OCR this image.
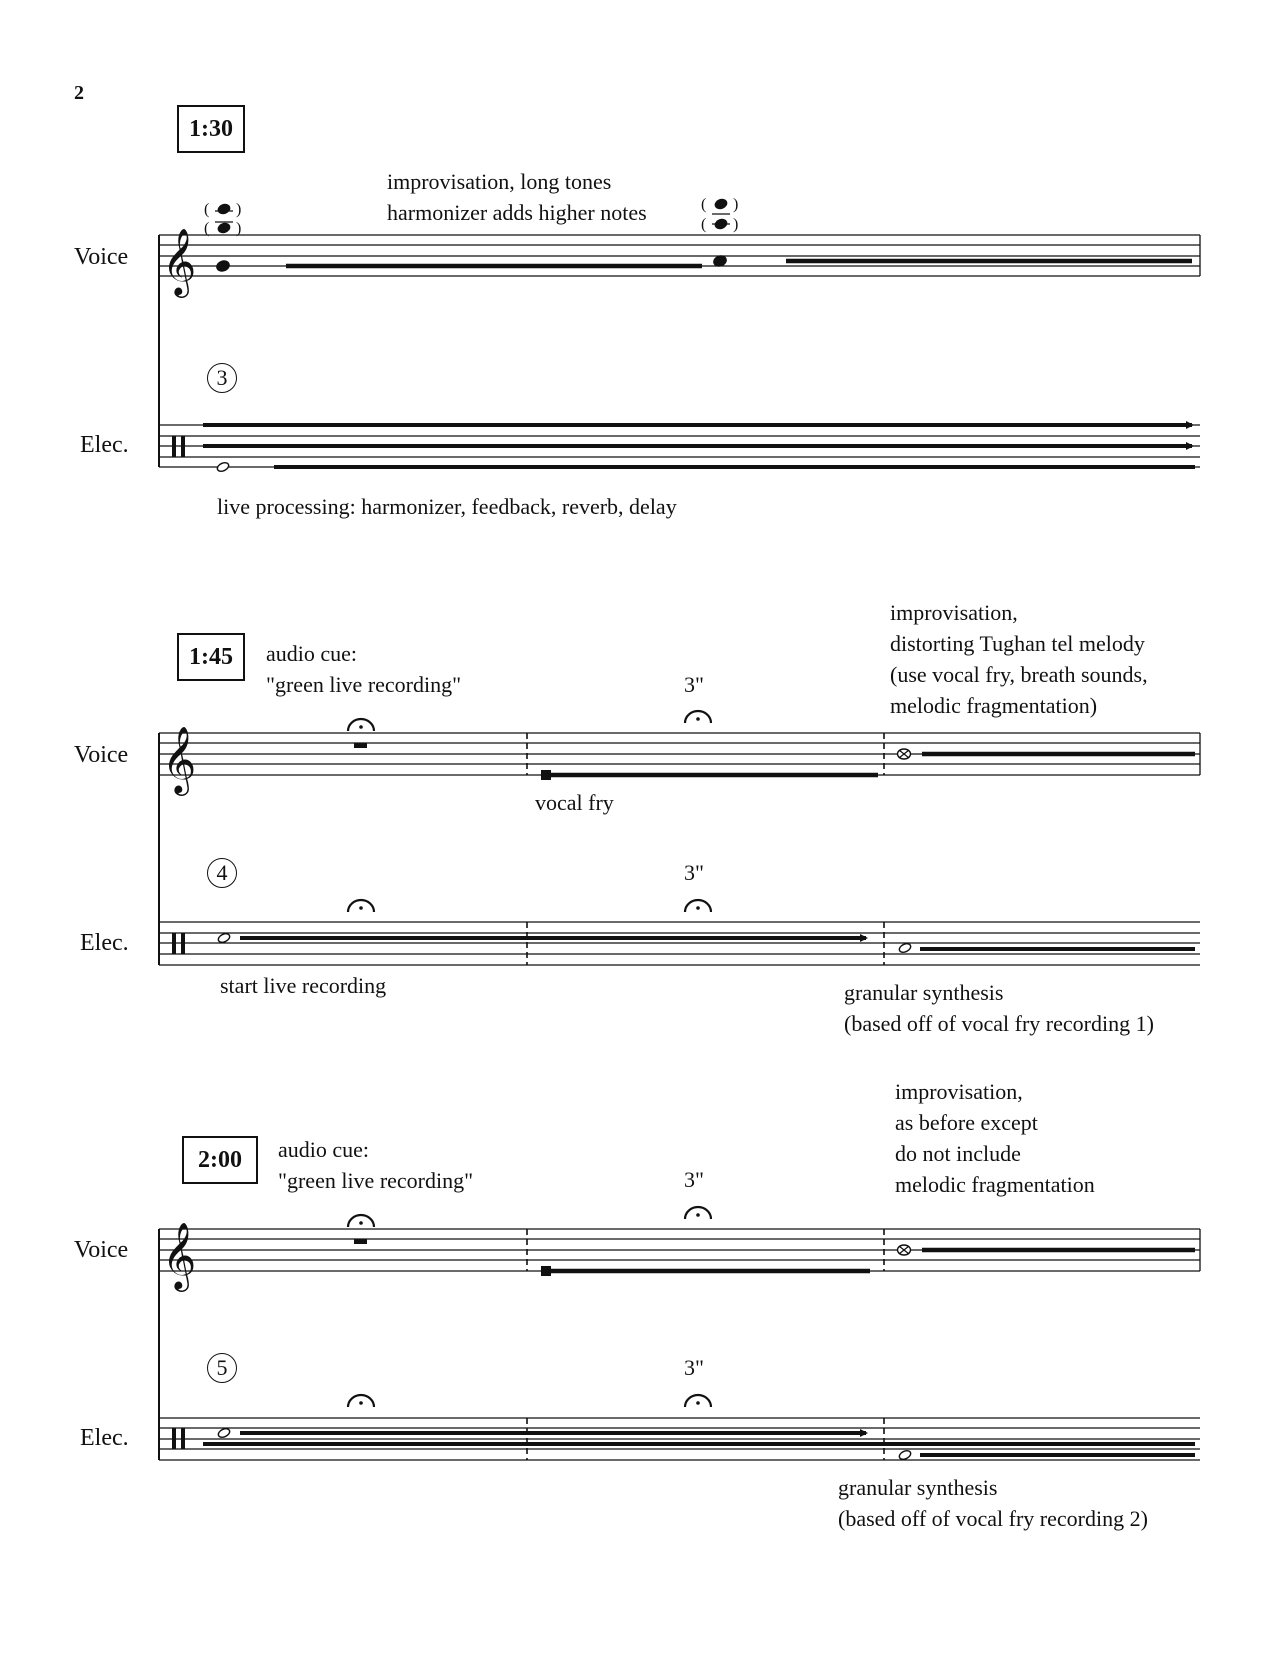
2
1:30
improvisation, long tones
harmonizer adds higher notes
Voice
3
Elec.
live processing: harmonizer, feedback, reverb, delay
1:45	audio cue:
"green live recording"	3"
improvisation,
distorting Tughan tel melody
(use vocal fry, breath sounds,
melodic fragmentation)
Voice
vocal fry
4	3"
Elec.
start live recording	granular synthesis
(based off of vocal fry recording 1)
2:00	audio cue:
"green live recording"	3"
improvisation,
as before except
do not include
melodic fragmentation
Voice
5	3"
Elec.
granular synthesis
(based off of vocal fry recording 2)
𝄞
( )
( )
( )
( )
𝄞
𝄞
